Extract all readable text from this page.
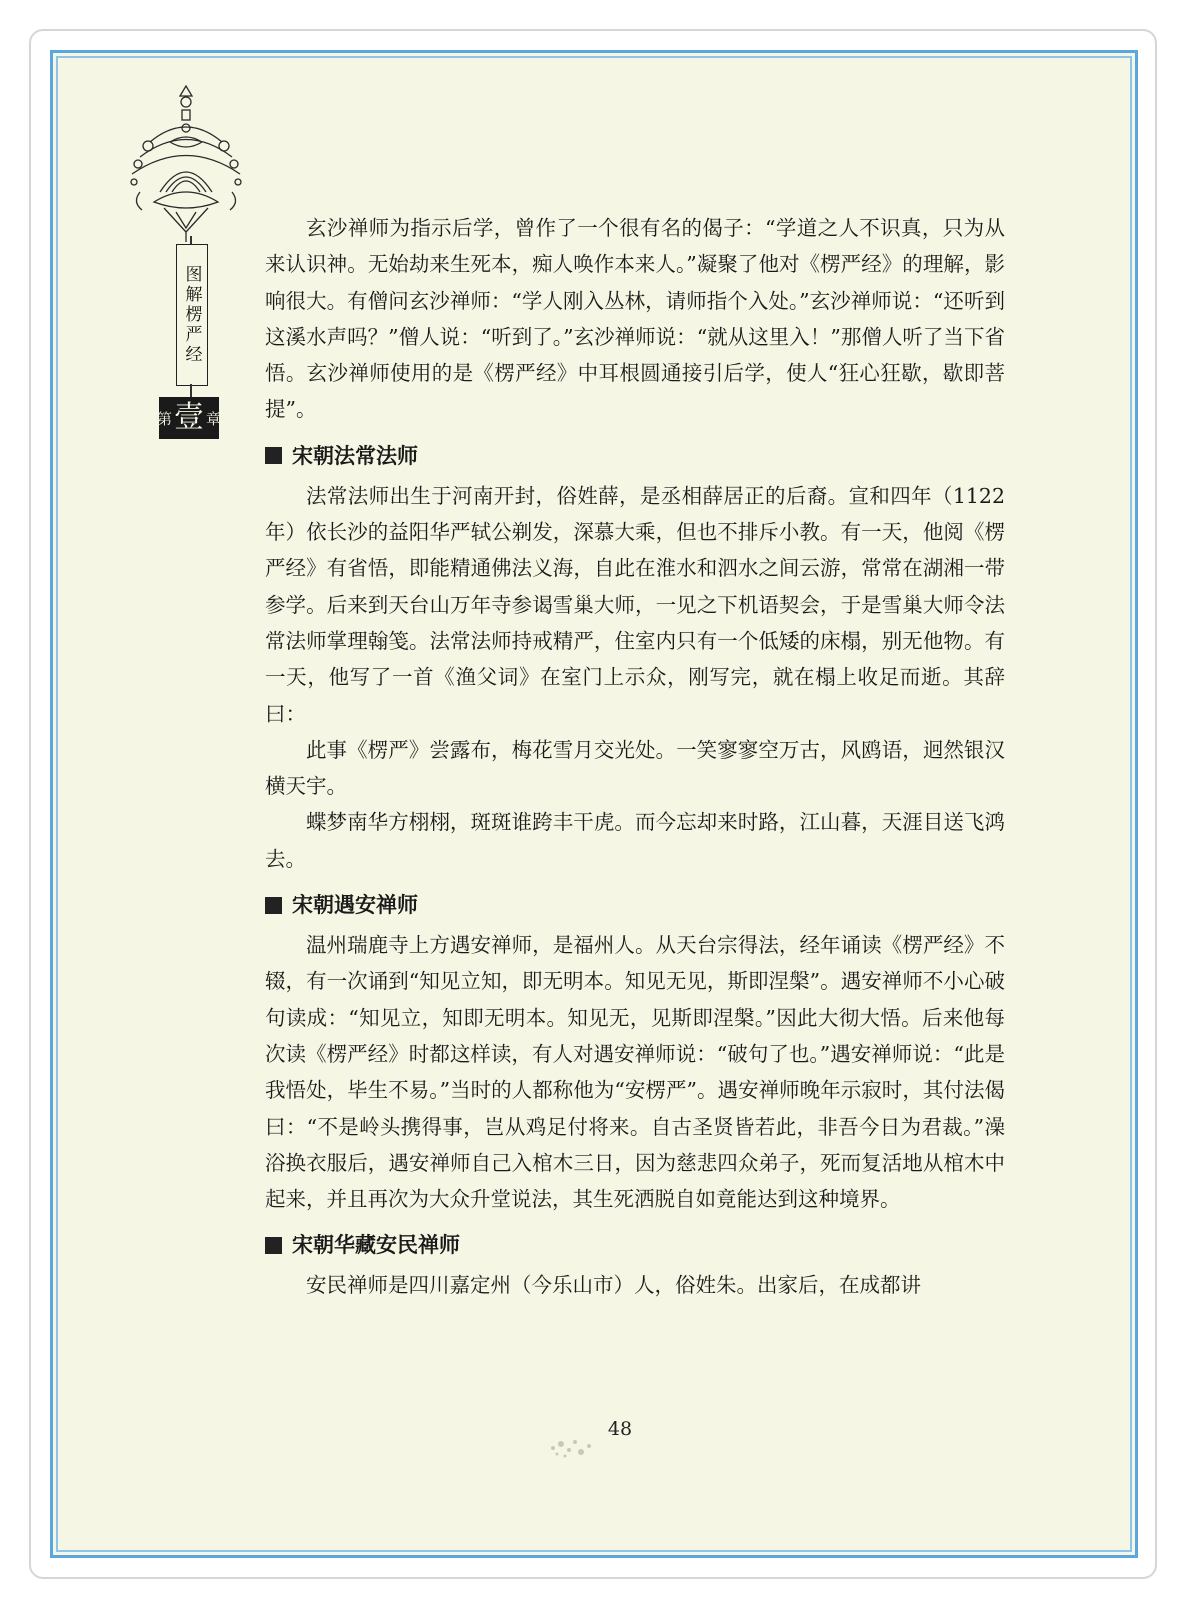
图解楞严经
第 壹 章

玄沙禅师为指示后学，曾作了一个很有名的偈子：“学道之人不识真，只为从来认识神。无始劫来生死本，痴人唤作本来人。”凝聚了他对《楞严经》的理解，影响很大。有僧问玄沙禅师：“学人刚入丛林，请师指个入处。”玄沙禅师说：“还听到这溪水声吗？”僧人说：“听到了。”玄沙禅师说：“就从这里入！”那僧人听了当下省悟。玄沙禅师使用的是《楞严经》中耳根圆通接引后学，使人“狂心狂歇，歇即菩提”。

宋朝法常法师

法常法师出生于河南开封，俗姓薛，是丞相薛居正的后裔。宣和四年（1122年）依长沙的益阳华严轼公剃发，深慕大乘，但也不排斥小教。有一天，他阅《楞严经》有省悟，即能精通佛法义海，自此在淮水和泗水之间云游，常常在湖湘一带参学。后来到天台山万年寺参谒雪巢大师，一见之下机语契会，于是雪巢大师令法常法师掌理翰笺。法常法师持戒精严，住室内只有一个低矮的床榻，别无他物。有一天，他写了一首《渔父词》在室门上示众，刚写完，就在榻上收足而逝。其辞曰：

此事《楞严》尝露布，梅花雪月交光处。一笑寥寥空万古，风鸥语，迥然银汉横天宇。

蝶梦南华方栩栩，斑斑谁跨丰干虎。而今忘却来时路，江山暮，天涯目送飞鸿去。

宋朝遇安禅师

温州瑞鹿寺上方遇安禅师，是福州人。从天台宗得法，经年诵读《楞严经》不辍，有一次诵到“知见立知，即无明本。知见无见，斯即涅槃”。遇安禅师不小心破句读成：“知见立，知即无明本。知见无，见斯即涅槃。”因此大彻大悟。后来他每次读《楞严经》时都这样读，有人对遇安禅师说：“破句了也。”遇安禅师说：“此是我悟处，毕生不易。”当时的人都称他为“安楞严”。遇安禅师晚年示寂时，其付法偈曰：“不是岭头携得事，岂从鸡足付将来。自古圣贤皆若此，非吾今日为君裁。”澡浴换衣服后，遇安禅师自己入棺木三日，因为慈悲四众弟子，死而复活地从棺木中起来，并且再次为大众升堂说法，其生死洒脱自如竟能达到这种境界。

宋朝华藏安民禅师

安民禅师是四川嘉定州（今乐山市）人，俗姓朱。出家后，在成都讲

48
